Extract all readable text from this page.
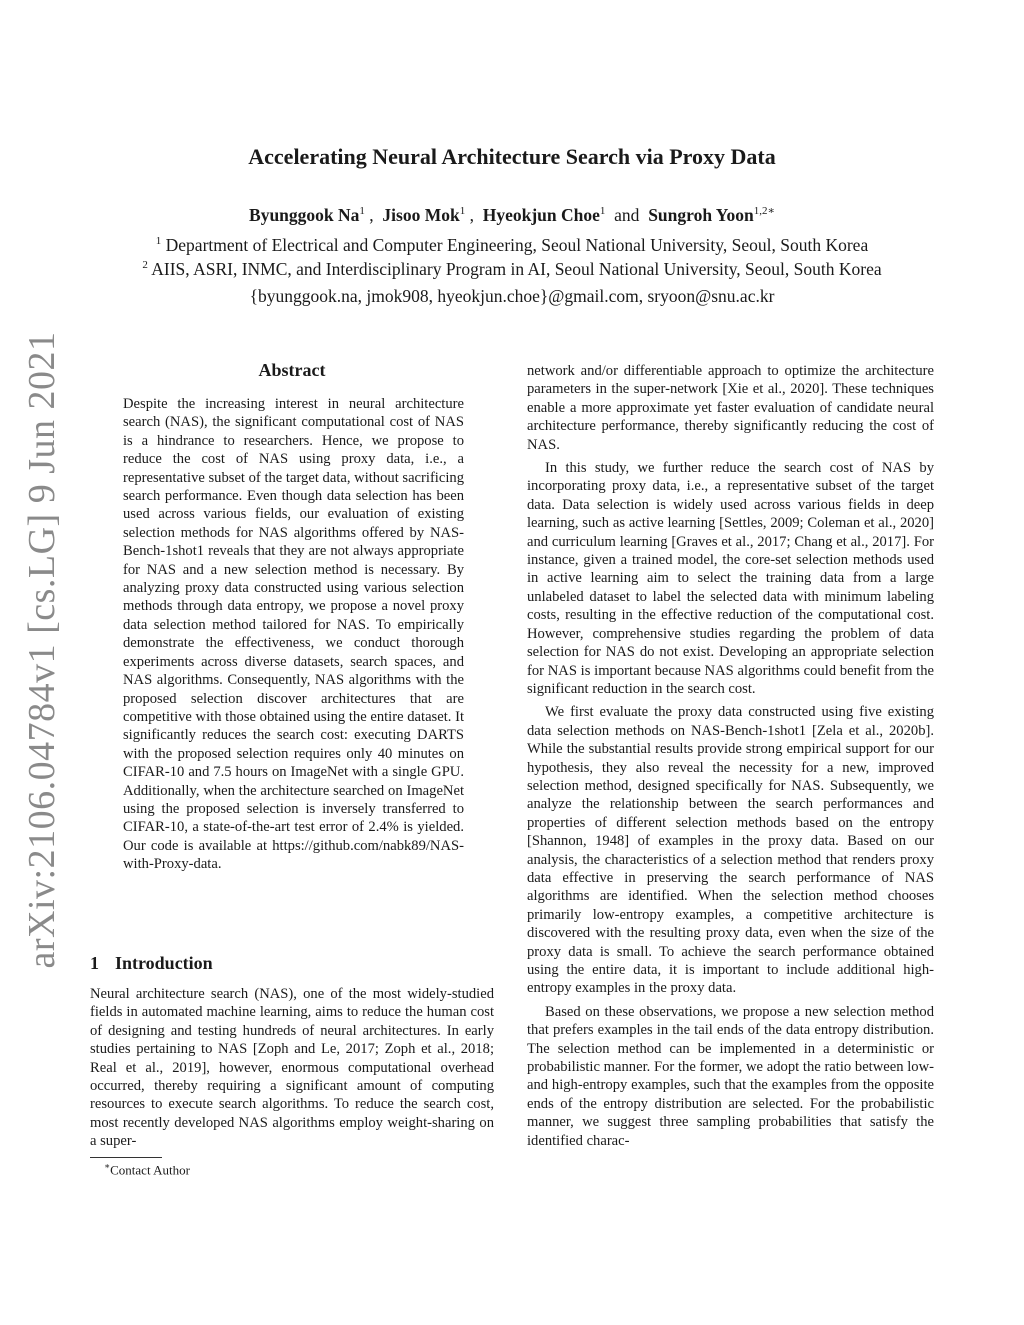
arXiv:2106.04784v1 [cs.LG] 9 Jun 2021
Accelerating Neural Architecture Search via Proxy Data
Byunggook Na$^1$ , Jisoo Mok$^1$ , Hyeokjun Choe$^1$ and Sungroh Yoon$^{1,2∗}$
$^1$ Department of Electrical and Computer Engineering, Seoul National University, Seoul, South Korea
$^2$ AIIS, ASRI, INMC, and Interdisciplinary Program in AI, Seoul National University, Seoul, South Korea
{byunggook.na, jmok908, hyeokjun.choe}@gmail.com, sryoon@snu.ac.kr
Abstract

Despite the increasing interest in neural architecture search (NAS), the significant computational cost of NAS is a hindrance to researchers. Hence, we propose to reduce the cost of NAS using proxy data, i.e., a representative subset of the target data, without sacrificing search performance. Even though data selection has been used across various fields, our evaluation of existing selection methods for NAS algorithms offered by NAS-Bench-1shot1 reveals that they are not always appropriate for NAS and a new selection method is necessary. By analyzing proxy data constructed using various selection methods through data entropy, we propose a novel proxy data selection method tailored for NAS. To empirically demonstrate the effectiveness, we conduct thorough experiments across diverse datasets, search spaces, and NAS algorithms. Consequently, NAS algorithms with the proposed selection discover architectures that are competitive with those obtained using the entire dataset. It significantly reduces the search cost: executing DARTS with the proposed selection requires only 40 minutes on CIFAR-10 and 7.5 hours on ImageNet with a single GPU. Additionally, when the architecture searched on ImageNet using the proposed selection is inversely transferred to CIFAR-10, a state-of-the-art test error of 2.4% is yielded. Our code is available at https://github.com/nabk89/NAS-with-Proxy-data.

1 Introduction

Neural architecture search (NAS), one of the most widely-studied fields in automated machine learning, aims to reduce the human cost of designing and testing hundreds of neural architectures. In early studies pertaining to NAS [Zoph and Le, 2017; Zoph et al., 2018; Real et al., 2019], however, enormous computational overhead occurred, thereby requiring a significant amount of computing resources to execute search algorithms. To reduce the search cost, most recently developed NAS algorithms employ weight-sharing on a super-

∗Contact Author

network and/or differentiable approach to optimize the architecture parameters in the super-network [Xie et al., 2020]. These techniques enable a more approximate yet faster evaluation of candidate neural architecture performance, thereby significantly reducing the cost of NAS.

In this study, we further reduce the search cost of NAS by incorporating proxy data, i.e., a representative subset of the target data. Data selection is widely used across various fields in deep learning, such as active learning [Settles, 2009; Coleman et al., 2020] and curriculum learning [Graves et al., 2017; Chang et al., 2017]. For instance, given a trained model, the core-set selection methods used in active learning aim to select the training data from a large unlabeled dataset to label the selected data with minimum labeling costs, resulting in the effective reduction of the computational cost. However, comprehensive studies regarding the problem of data selection for NAS do not exist. Developing an appropriate selection for NAS is important because NAS algorithms could benefit from the significant reduction in the search cost.

We first evaluate the proxy data constructed using five existing data selection methods on NAS-Bench-1shot1 [Zela et al., 2020b]. While the substantial results provide strong empirical support for our hypothesis, they also reveal the necessity for a new, improved selection method, designed specifically for NAS. Subsequently, we analyze the relationship between the search performances and properties of different selection methods based on the entropy [Shannon, 1948] of examples in the proxy data. Based on our analysis, the characteristics of a selection method that renders proxy data effective in preserving the search performance of NAS algorithms are identified. When the selection method chooses primarily low-entropy examples, a competitive architecture is discovered with the resulting proxy data, even when the size of the proxy data is small. To achieve the search performance obtained using the entire data, it is important to include additional high-entropy examples in the proxy data.

Based on these observations, we propose a new selection method that prefers examples in the tail ends of the data entropy distribution. The selection method can be implemented in a deterministic or probabilistic manner. For the former, we adopt the ratio between low- and high-entropy examples, such that the examples from the opposite ends of the entropy distribution are selected. For the probabilistic manner, we suggest three sampling probabilities that satisfy the identified charac-
